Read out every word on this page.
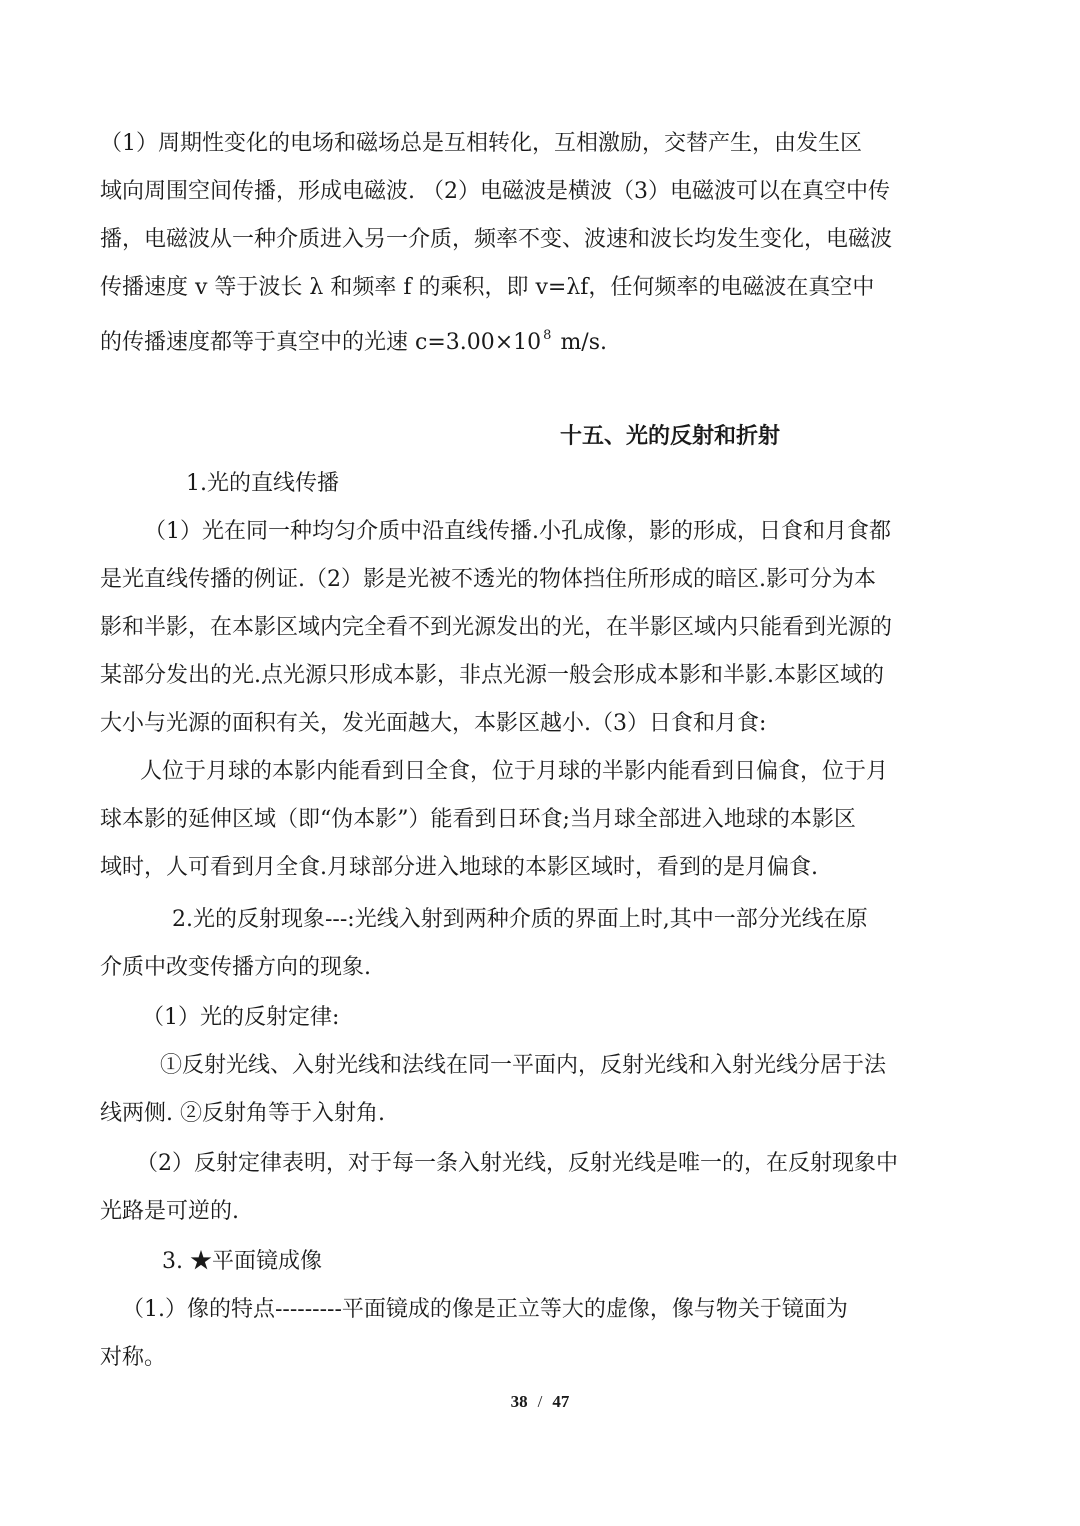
（1）周期性变化的电场和磁场总是互相转化，互相激励，交替产生，由发生区
域向周围空间传播，形成电磁波. （2）电磁波是横波（3）电磁波可以在真空中传
播，电磁波从一种介质进入另一介质，频率不变、波速和波长均发生变化，电磁波
传播速度 v 等于波长 λ 和频率 f 的乘积，即 v=λf，任何频率的电磁波在真空中
的传播速度都等于真空中的光速 c=3.00×10 $^8$ m/s.

十五、光的反射和折射

1.光的直线传播

（1）光在同一种均匀介质中沿直线传播.小孔成像，影的形成，日食和月食都
是光直线传播的例证.（2）影是光被不透光的物体挡住所形成的暗区.影可分为本
影和半影，在本影区域内完全看不到光源发出的光，在半影区域内只能看到光源的
某部分发出的光.点光源只形成本影，非点光源一般会形成本影和半影.本影区域的
大小与光源的面积有关，发光面越大，本影区越小.（3）日食和月食:

人位于月球的本影内能看到日全食，位于月球的半影内能看到日偏食，位于月
球本影的延伸区域（即“伪本影”）能看到日环食;当月球全部进入地球的本影区
域时，人可看到月全食.月球部分进入地球的本影区域时，看到的是月偏食.

2.光的反射现象---:光线入射到两种介质的界面上时,其中一部分光线在原
介质中改变传播方向的现象.

（1）光的反射定律:

①反射光线、入射光线和法线在同一平面内，反射光线和入射光线分居于法
线两侧. ②反射角等于入射角.

（2）反射定律表明，对于每一条入射光线，反射光线是唯一的，在反射现象中
光路是可逆的.

3. ★平面镜成像

（1.）像的特点---------平面镜成的像是正立等大的虚像，像与物关于镜面为
对称。

38 / 47
